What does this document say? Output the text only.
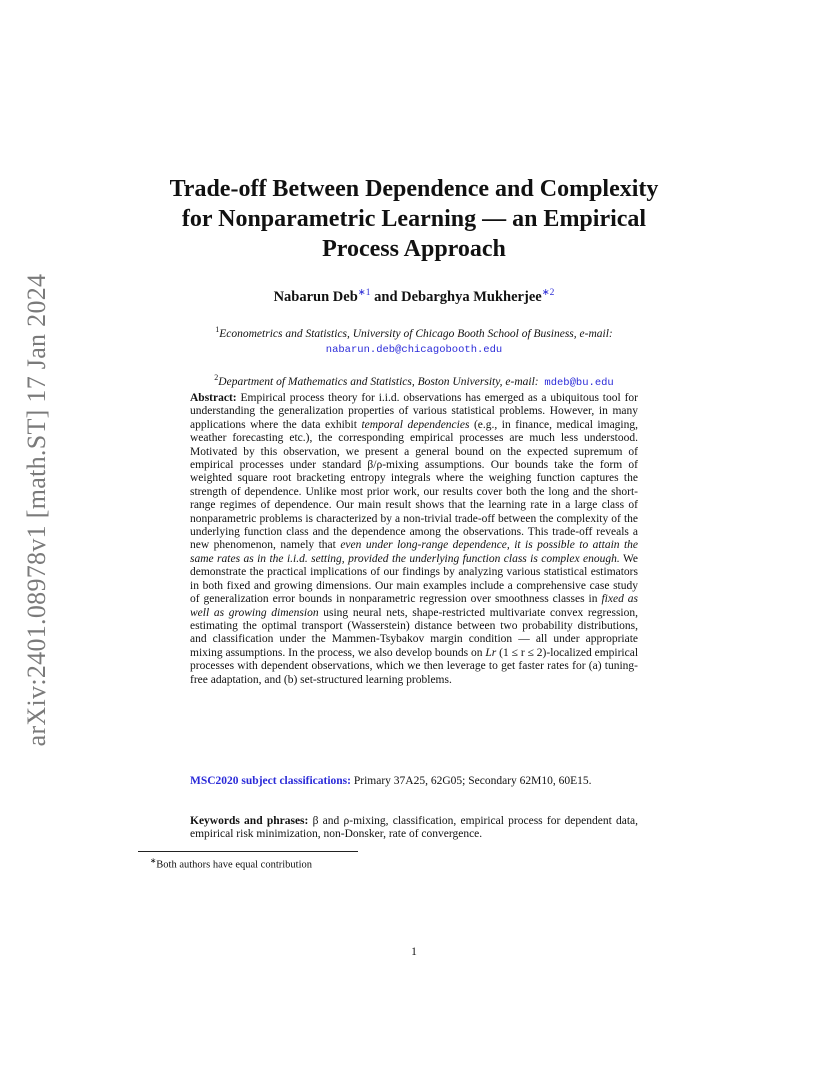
arXiv:2401.08978v1 [math.ST] 17 Jan 2024
Trade-off Between Dependence and Complexity
for Nonparametric Learning — an Empirical
Process Approach
Nabarun Deb$^{∗1}$ and Debarghya Mukherjee$^{∗2}$
$^1$Econometrics and Statistics, University of Chicago Booth School of Business, e-mail:
nabarun.deb@chicagobooth.edu
$^2$Department of Mathematics and Statistics, Boston University, e-mail: mdeb@bu.edu
Abstract: Empirical process theory for i.i.d. observations has emerged as a ubiquitous tool for understanding the generalization properties of various statistical problems. However, in many applications where the data exhibit temporal dependencies (e.g., in finance, medical imaging, weather forecasting etc.), the corresponding empirical processes are much less understood. Motivated by this observation, we present a general bound on the expected supremum of empirical processes under standard β/ρ-mixing assumptions. Our bounds take the form of weighted square root bracketing entropy integrals where the weighing function captures the strength of dependence. Unlike most prior work, our results cover both the long and the short-range regimes of dependence. Our main result shows that the learning rate in a large class of nonparametric problems is characterized by a non-trivial trade-off between the complexity of the underlying function class and the dependence among the observations. This trade-off reveals a new phenomenon, namely that even under long-range dependence, it is possible to attain the same rates as in the i.i.d. setting, provided the underlying function class is complex enough. We demonstrate the practical implications of our findings by analyzing various statistical estimators in both fixed and growing dimensions. Our main examples include a comprehensive case study of generalization error bounds in nonparametric regression over smoothness classes in fixed as well as growing dimension using neural nets, shape-restricted multivariate convex regression, estimating the optimal transport (Wasserstein) distance between two probability distributions, and classification under the Mammen-Tsybakov margin condition — all under appropriate mixing assumptions. In the process, we also develop bounds on Lr (1 ≤ r ≤ 2)-localized empirical processes with dependent observations, which we then leverage to get faster rates for (a) tuning-free adaptation, and (b) set-structured learning problems.
MSC2020 subject classifications: Primary 37A25, 62G05; Secondary 62M10, 60E15.
Keywords and phrases: β and ρ-mixing, classification, empirical process for dependent data, empirical risk minimization, non-Donsker, rate of convergence.
∗Both authors have equal contribution
1
